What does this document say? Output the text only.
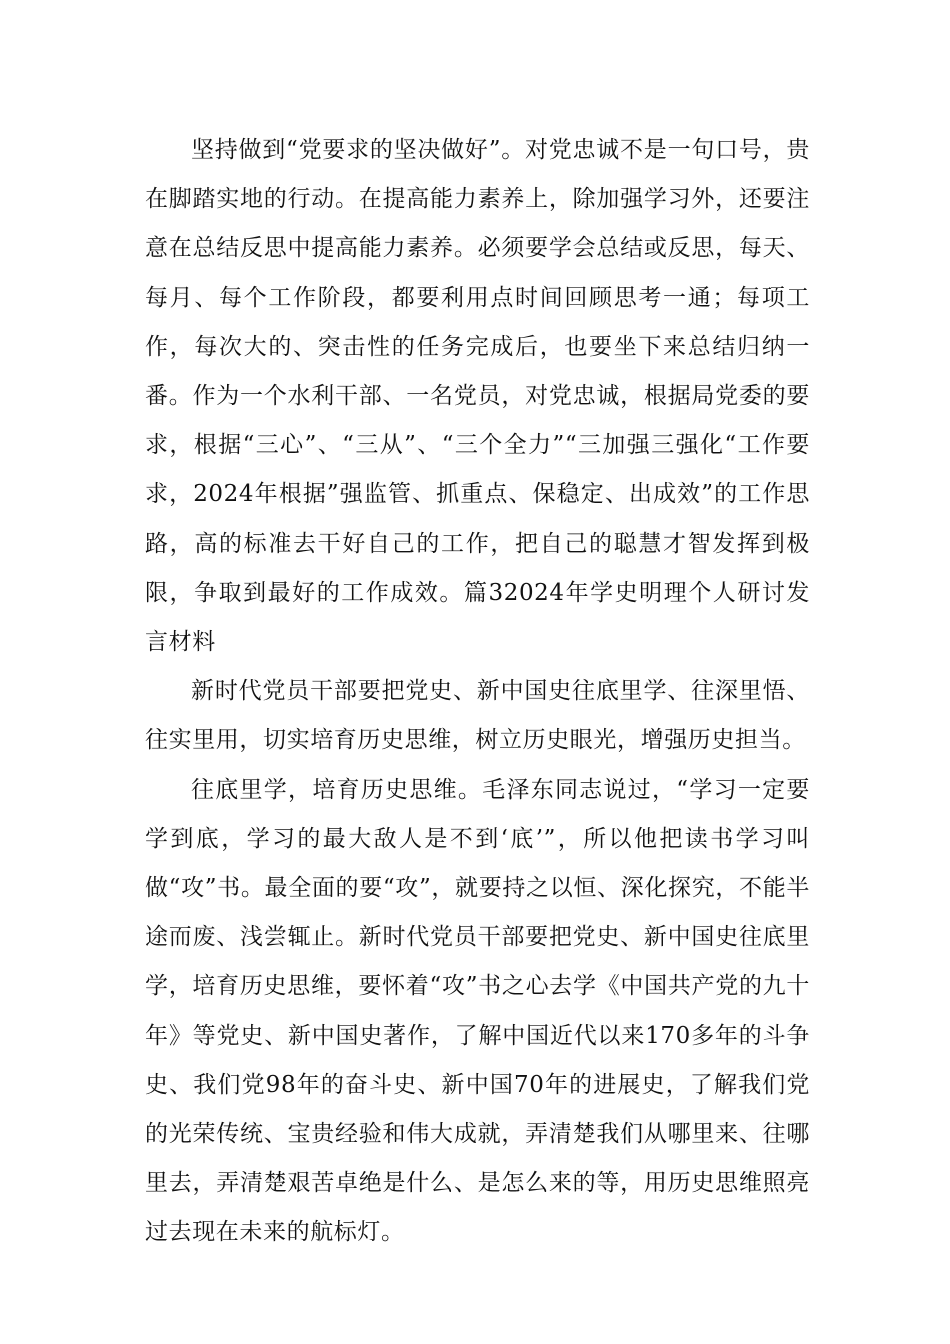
坚持做到“党要求的坚决做好”。对党忠诚不是一句口号，贵在脚踏实地的行动。在提高能力素养上，除加强学习外，还要注意在总结反思中提高能力素养。必须要学会总结或反思，每天、每月、每个工作阶段，都要利用点时间回顾思考一通；每项工作，每次大的、突击性的任务完成后，也要坐下来总结归纳一番。作为一个水利干部、一名党员，对党忠诚，根据局党委的要求，根据“三心”、“三从”、“三个全力”“三加强三强化“工作要求，2024年根据”强监管、抓重点、保稳定、出成效”的工作思路，高的标准去干好自己的工作，把自己的聪慧才智发挥到极限，争取到最好的工作成效。篇32024年学史明理个人研讨发言材料

新时代党员干部要把党史、新中国史往底里学、往深里悟、往实里用，切实培育历史思维，树立历史眼光，增强历史担当。

往底里学，培育历史思维。毛泽东同志说过，“学习一定要学到底，学习的最大敌人是不到‘底’”，所以他把读书学习叫做“攻”书。最全面的要“攻”，就要持之以恒、深化探究，不能半途而废、浅尝辄止。新时代党员干部要把党史、新中国史往底里学，培育历史思维，要怀着“攻”书之心去学《中国共产党的九十年》等党史、新中国史著作，了解中国近代以来170多年的斗争史、我们党98年的奋斗史、新中国70年的进展史，了解我们党的光荣传统、宝贵经验和伟大成就，弄清楚我们从哪里来、往哪里去，弄清楚艰苦卓绝是什么、是怎么来的等，用历史思维照亮过去现在未来的航标灯。
